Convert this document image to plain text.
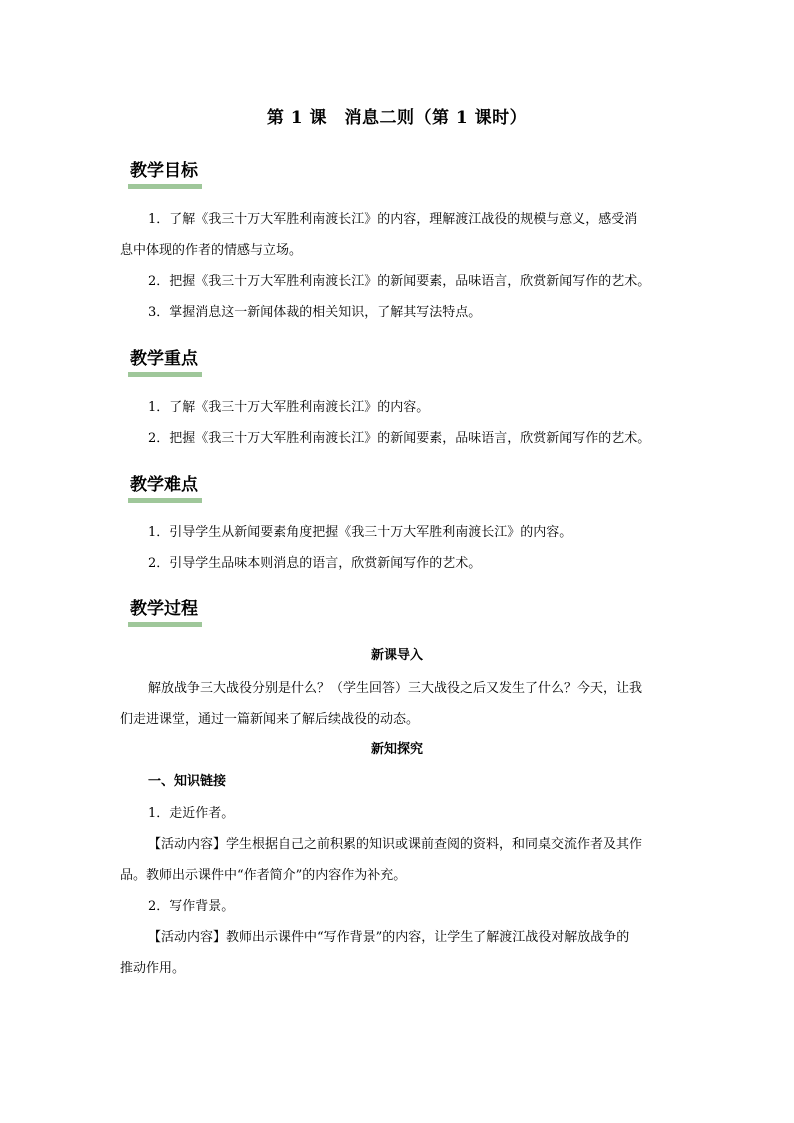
第 1 课　消息二则（第 1 课时）
教学目标
1．了解《我三十万大军胜利南渡长江》的内容，理解渡江战役的规模与意义，感受消
息中体现的作者的情感与立场。
2．把握《我三十万大军胜利南渡长江》的新闻要素，品味语言，欣赏新闻写作的艺术。
3．掌握消息这一新闻体裁的相关知识，了解其写法特点。
教学重点
1．了解《我三十万大军胜利南渡长江》的内容。
2．把握《我三十万大军胜利南渡长江》的新闻要素，品味语言，欣赏新闻写作的艺术。
教学难点
1．引导学生从新闻要素角度把握《我三十万大军胜利南渡长江》的内容。
2．引导学生品味本则消息的语言，欣赏新闻写作的艺术。
教学过程
新课导入
解放战争三大战役分别是什么？（学生回答）三大战役之后又发生了什么？今天，让我
们走进课堂，通过一篇新闻来了解后续战役的动态。
新知探究
一、知识链接
1．走近作者。
【活动内容】学生根据自己之前积累的知识或课前查阅的资料，和同桌交流作者及其作
品。教师出示课件中“作者简介”的内容作为补充。
2．写作背景。
【活动内容】教师出示课件中“写作背景”的内容，让学生了解渡江战役对解放战争的
推动作用。
